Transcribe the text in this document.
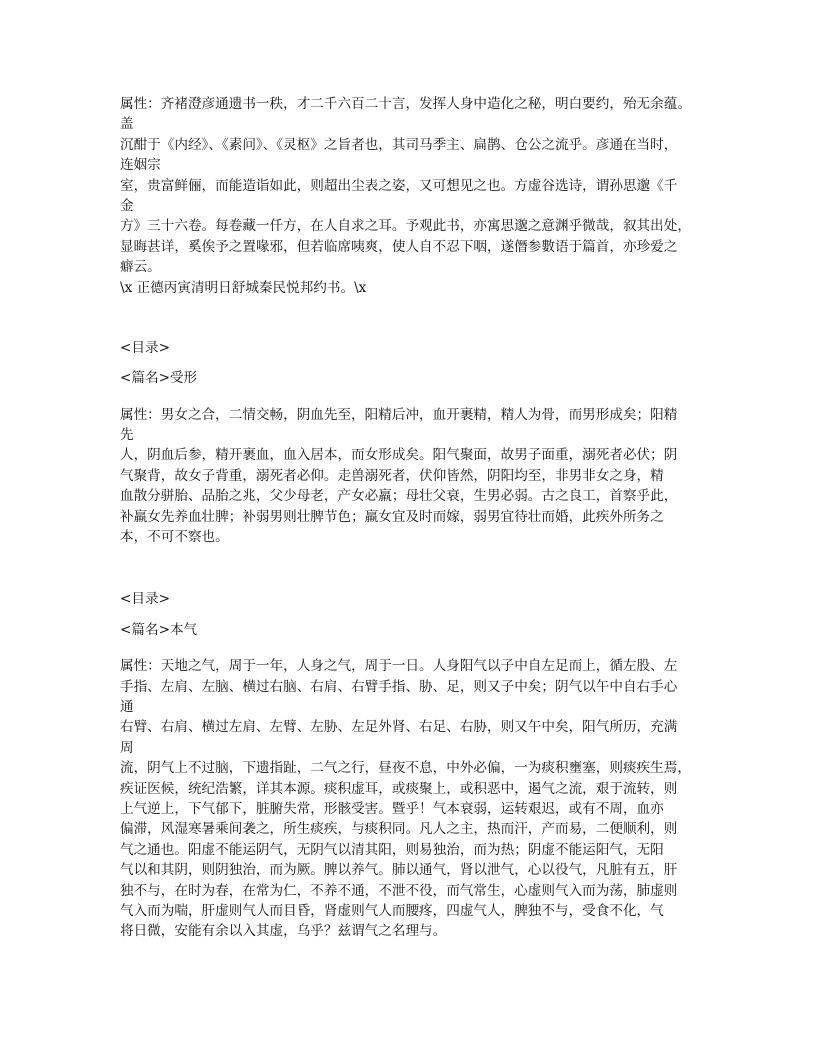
属性：齐褚澄彦通遗书一秩，才二千六百二十言，发挥人身中造化之秘，明白要约，殆无余蕴。
盖
沉酣于《内经》、《素问》、《灵枢》之旨者也，其司马季主、扁鹊、仓公之流乎。彦通在当时，
连姻宗
室，贵富鲜俪，而能造诣如此，则超出尘表之姿，又可想见之也。方虚谷选诗，谓孙思邈《千
金
方》三十六卷。每卷藏一仟方，在人自求之耳。予观此书，亦寓思邈之意渊乎微哉，叙其出处，
显晦甚详，奚俟予之置喙邪，但若临席咦爽，使人自不忍下咽，遂僭参數语于篇首，亦珍爱之
癖云。
\x 正德丙寅清明日舒城秦民悦邦约书。\x
<目录>
<篇名>受形
属性：男女之合，二情交畅，阴血先至，阳精后冲，血开裹精，精人为骨，而男形成矣；阳精
先
人，阴血后参，精开裹血，血入居本，而女形成矣。阳气聚面，故男子面重，溺死者必伏；阴
气聚背，故女子背重，溺死者必仰。走兽溺死者，伏仰皆然，阴阳均至，非男非女之身，精
血散分骈胎、品胎之兆，父少母老，产女必羸；母壮父衰，生男必弱。古之良工，首察乎此，
补羸女先养血壮脾；补弱男则壮脾节色；羸女宜及时而嫁，弱男宜待壮而婚，此疾外所务之
本，不可不察也。
<目录>
<篇名>本气
属性：天地之气，周于一年，人身之气，周于一日。人身阳气以子中自左足而上，循左股、左
手指、左肩、左脑、横过右脑、右肩、右臂手指、胁、足，则又子中矣；阴气以午中自右手心
通
右臂、右肩、横过左肩、左臂、左胁、左足外肾、右足、右胁，则又午中矣，阳气所历，充满
周
流，阴气上不过脑，下遗指趾，二气之行，昼夜不息，中外必偏，一为痰积壅塞，则痰疾生焉，
疾证医候，统纪浩繁，详其本源。痰积虚耳，或痰聚上，或积恶中，遏气之流，艰于流转，则
上气逆上，下气郁下，脏腑失常，形骸受害。暨乎！气本衰弱，运转艰迟，或有不周，血亦
偏滞，风湿寒暑乘间袭之，所生痰疾，与痰积同。凡人之主，热而汗，产而易，二便顺利，则
气之通也。阳虚不能运阴气，无阴气以清其阳，则易独治，而为热；阴虚不能运阳气，无阳
气以和其阴，则阴独治，而为厥。脾以养气。肺以通气，肾以泄气，心以役气，凡脏有五，肝
独不与，在时为春，在常为仁，不养不通，不泄不役，而气常生，心虚则气入而为荡，肺虚则
气入而为喘，肝虚则气人而目昏，肾虚则气人而腰疼，四虚气人，脾独不与，受食不化，气
将日微，安能有余以入其虚，乌乎？兹谓气之名理与。
